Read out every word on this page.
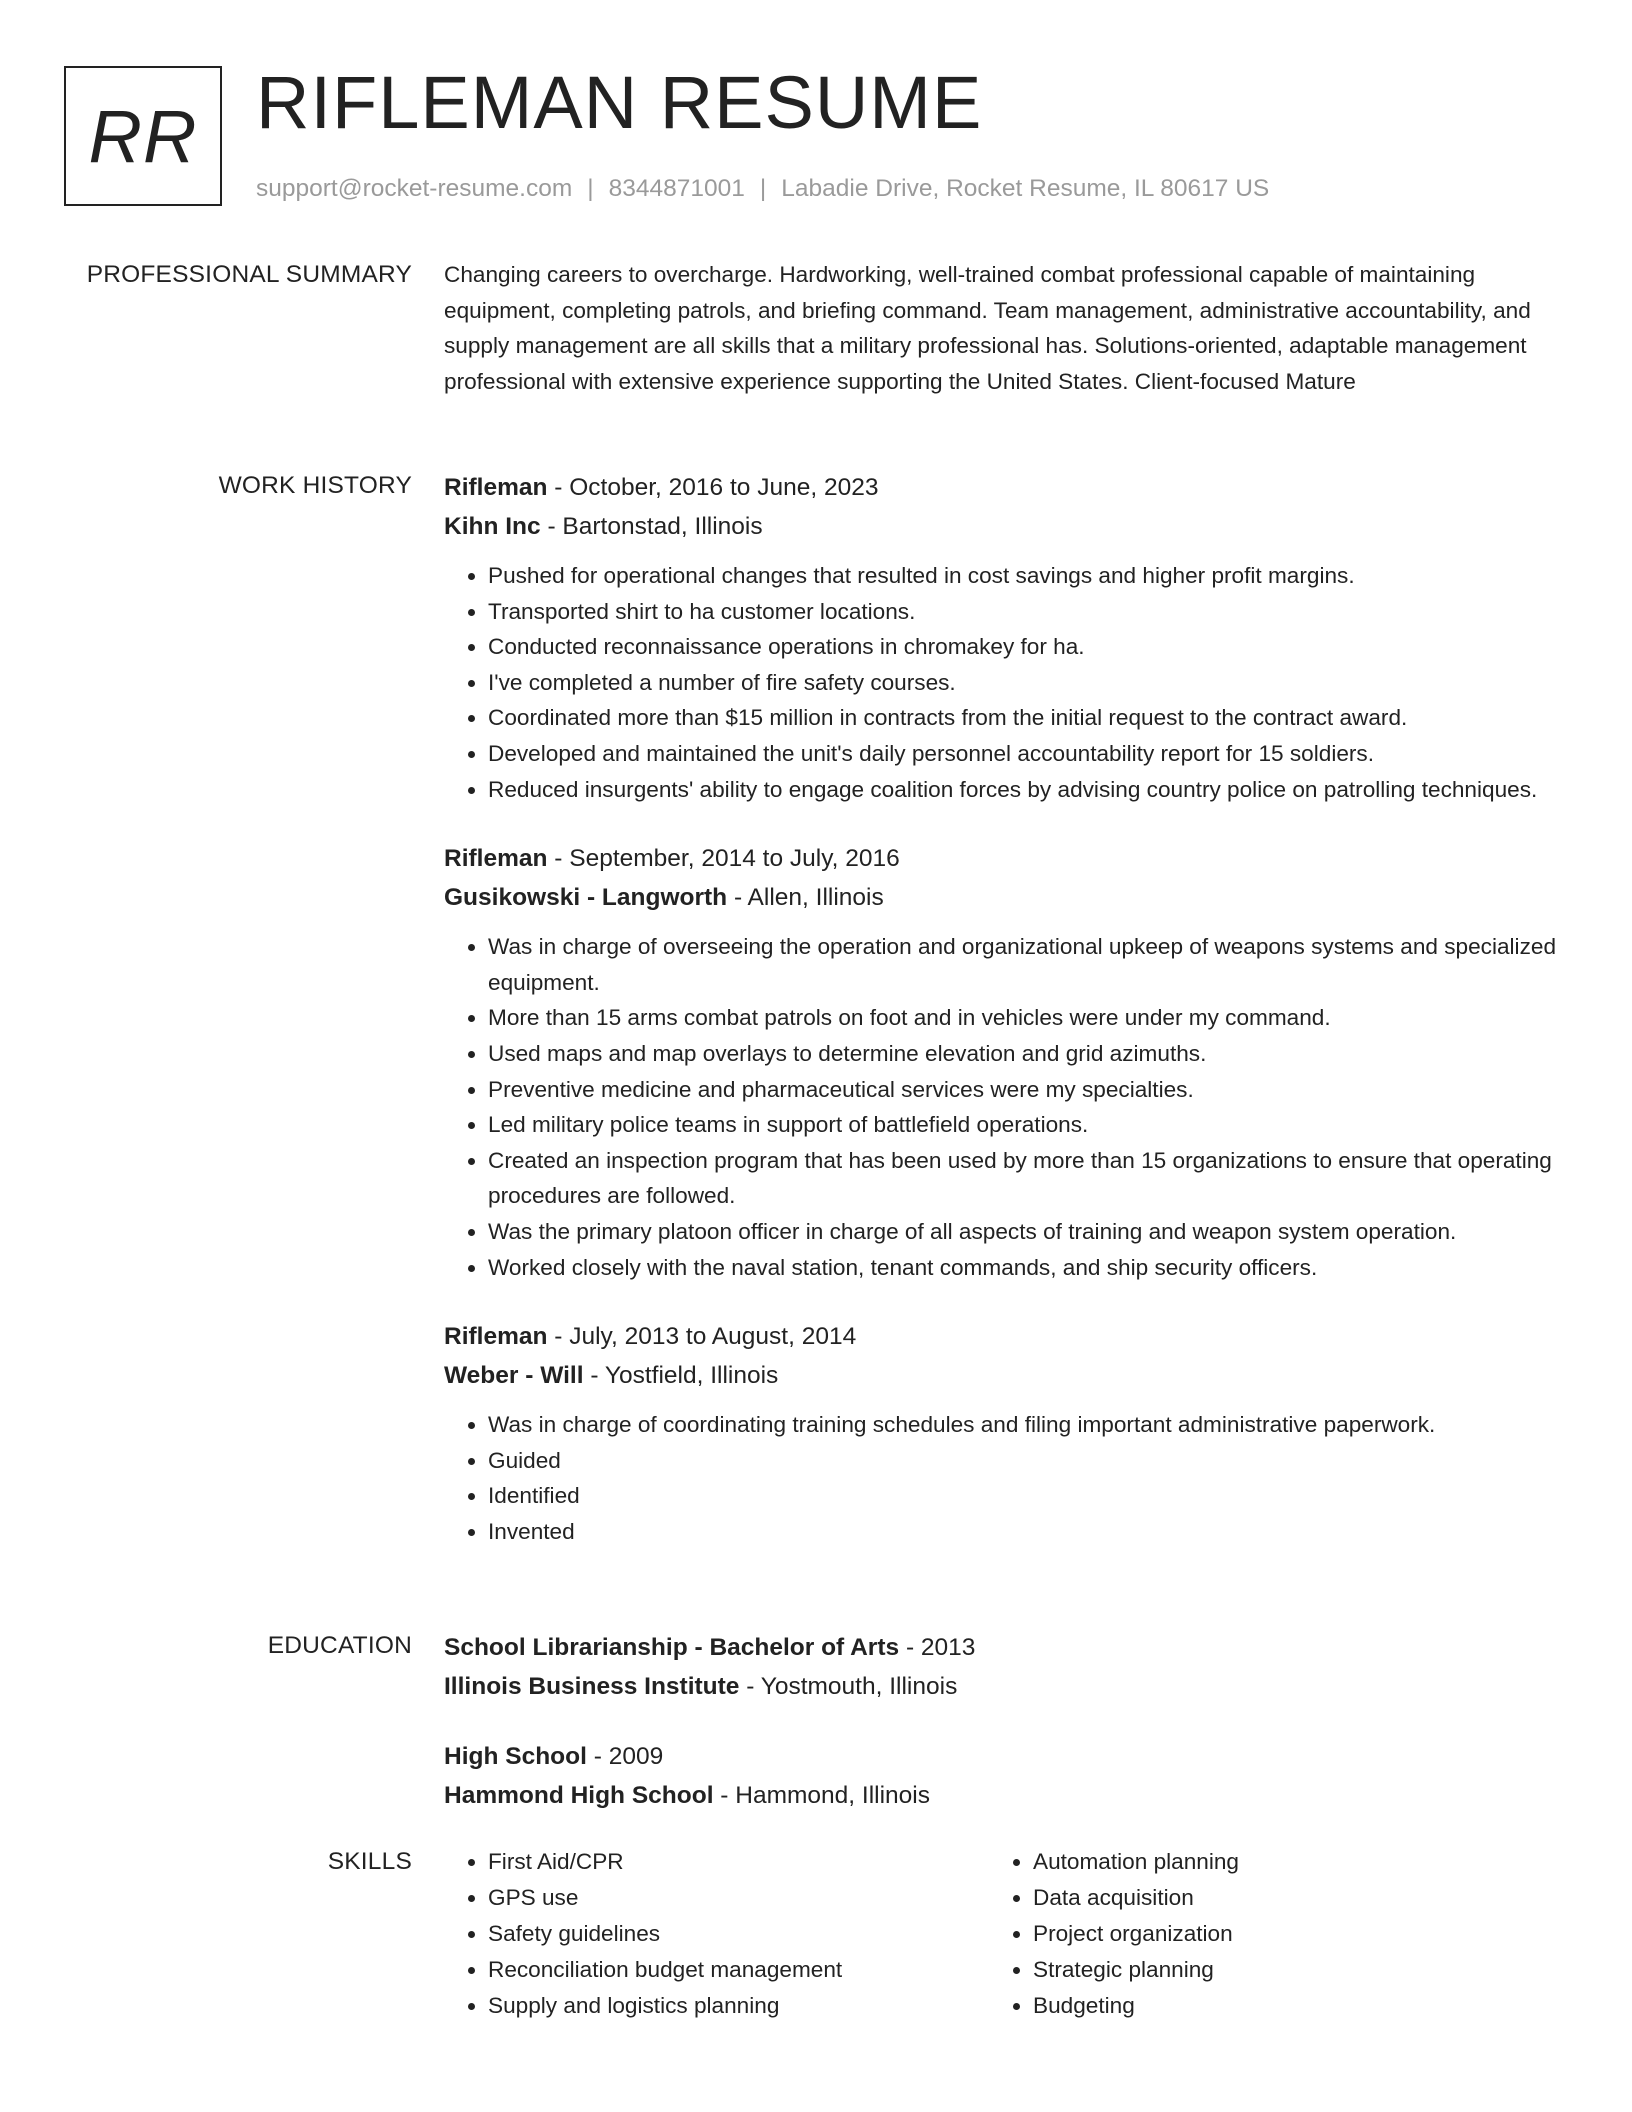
RR RIFLEMAN RESUME
support@rocket-resume.com | 8344871001 | Labadie Drive, Rocket Resume, IL 80617 US
PROFESSIONAL SUMMARY Changing careers to overcharge. Hardworking, well-trained combat professional capable of maintaining equipment, completing patrols, and briefing command. Team management, administrative accountability, and supply management are all skills that a military professional has. Solutions-oriented, adaptable management professional with extensive experience supporting the United States. Client-focused Mature

WORK HISTORY Rifleman - October, 2016 to June, 2023
Kihn Inc - Bartonstad, Illinois
• Pushed for operational changes that resulted in cost savings and higher profit margins.
• Transported shirt to ha customer locations.
• Conducted reconnaissance operations in chromakey for ha.
• I've completed a number of fire safety courses.
• Coordinated more than $15 million in contracts from the initial request to the contract award.
• Developed and maintained the unit's daily personnel accountability report for 15 soldiers.
• Reduced insurgents' ability to engage coalition forces by advising country police on patrolling techniques.
Rifleman - September, 2014 to July, 2016
Gusikowski - Langworth - Allen, Illinois
• Was in charge of overseeing the operation and organizational upkeep of weapons systems and specialized equipment.
• More than 15 arms combat patrols on foot and in vehicles were under my command.
• Used maps and map overlays to determine elevation and grid azimuths.
• Preventive medicine and pharmaceutical services were my specialties.
• Led military police teams in support of battlefield operations.
• Created an inspection program that has been used by more than 15 organizations to ensure that operating procedures are followed.
• Was the primary platoon officer in charge of all aspects of training and weapon system operation.
• Worked closely with the naval station, tenant commands, and ship security officers.
Rifleman - July, 2013 to August, 2014
Weber - Will - Yostfield, Illinois
• Was in charge of coordinating training schedules and filing important administrative paperwork.
• Guided
• Identified
• Invented
EDUCATION School Librarianship - Bachelor of Arts - 2013
Illinois Business Institute - Yostmouth, Illinois
High School - 2009
Hammond High School - Hammond, Illinois
SKILLS
•	First Aid/CPR
• GPS use
• Safety guidelines
• Reconciliation budget management
• Supply and logistics planning
• Automation planning
• Data acquisition
• Project organization
• Strategic planning
• Budgeting
